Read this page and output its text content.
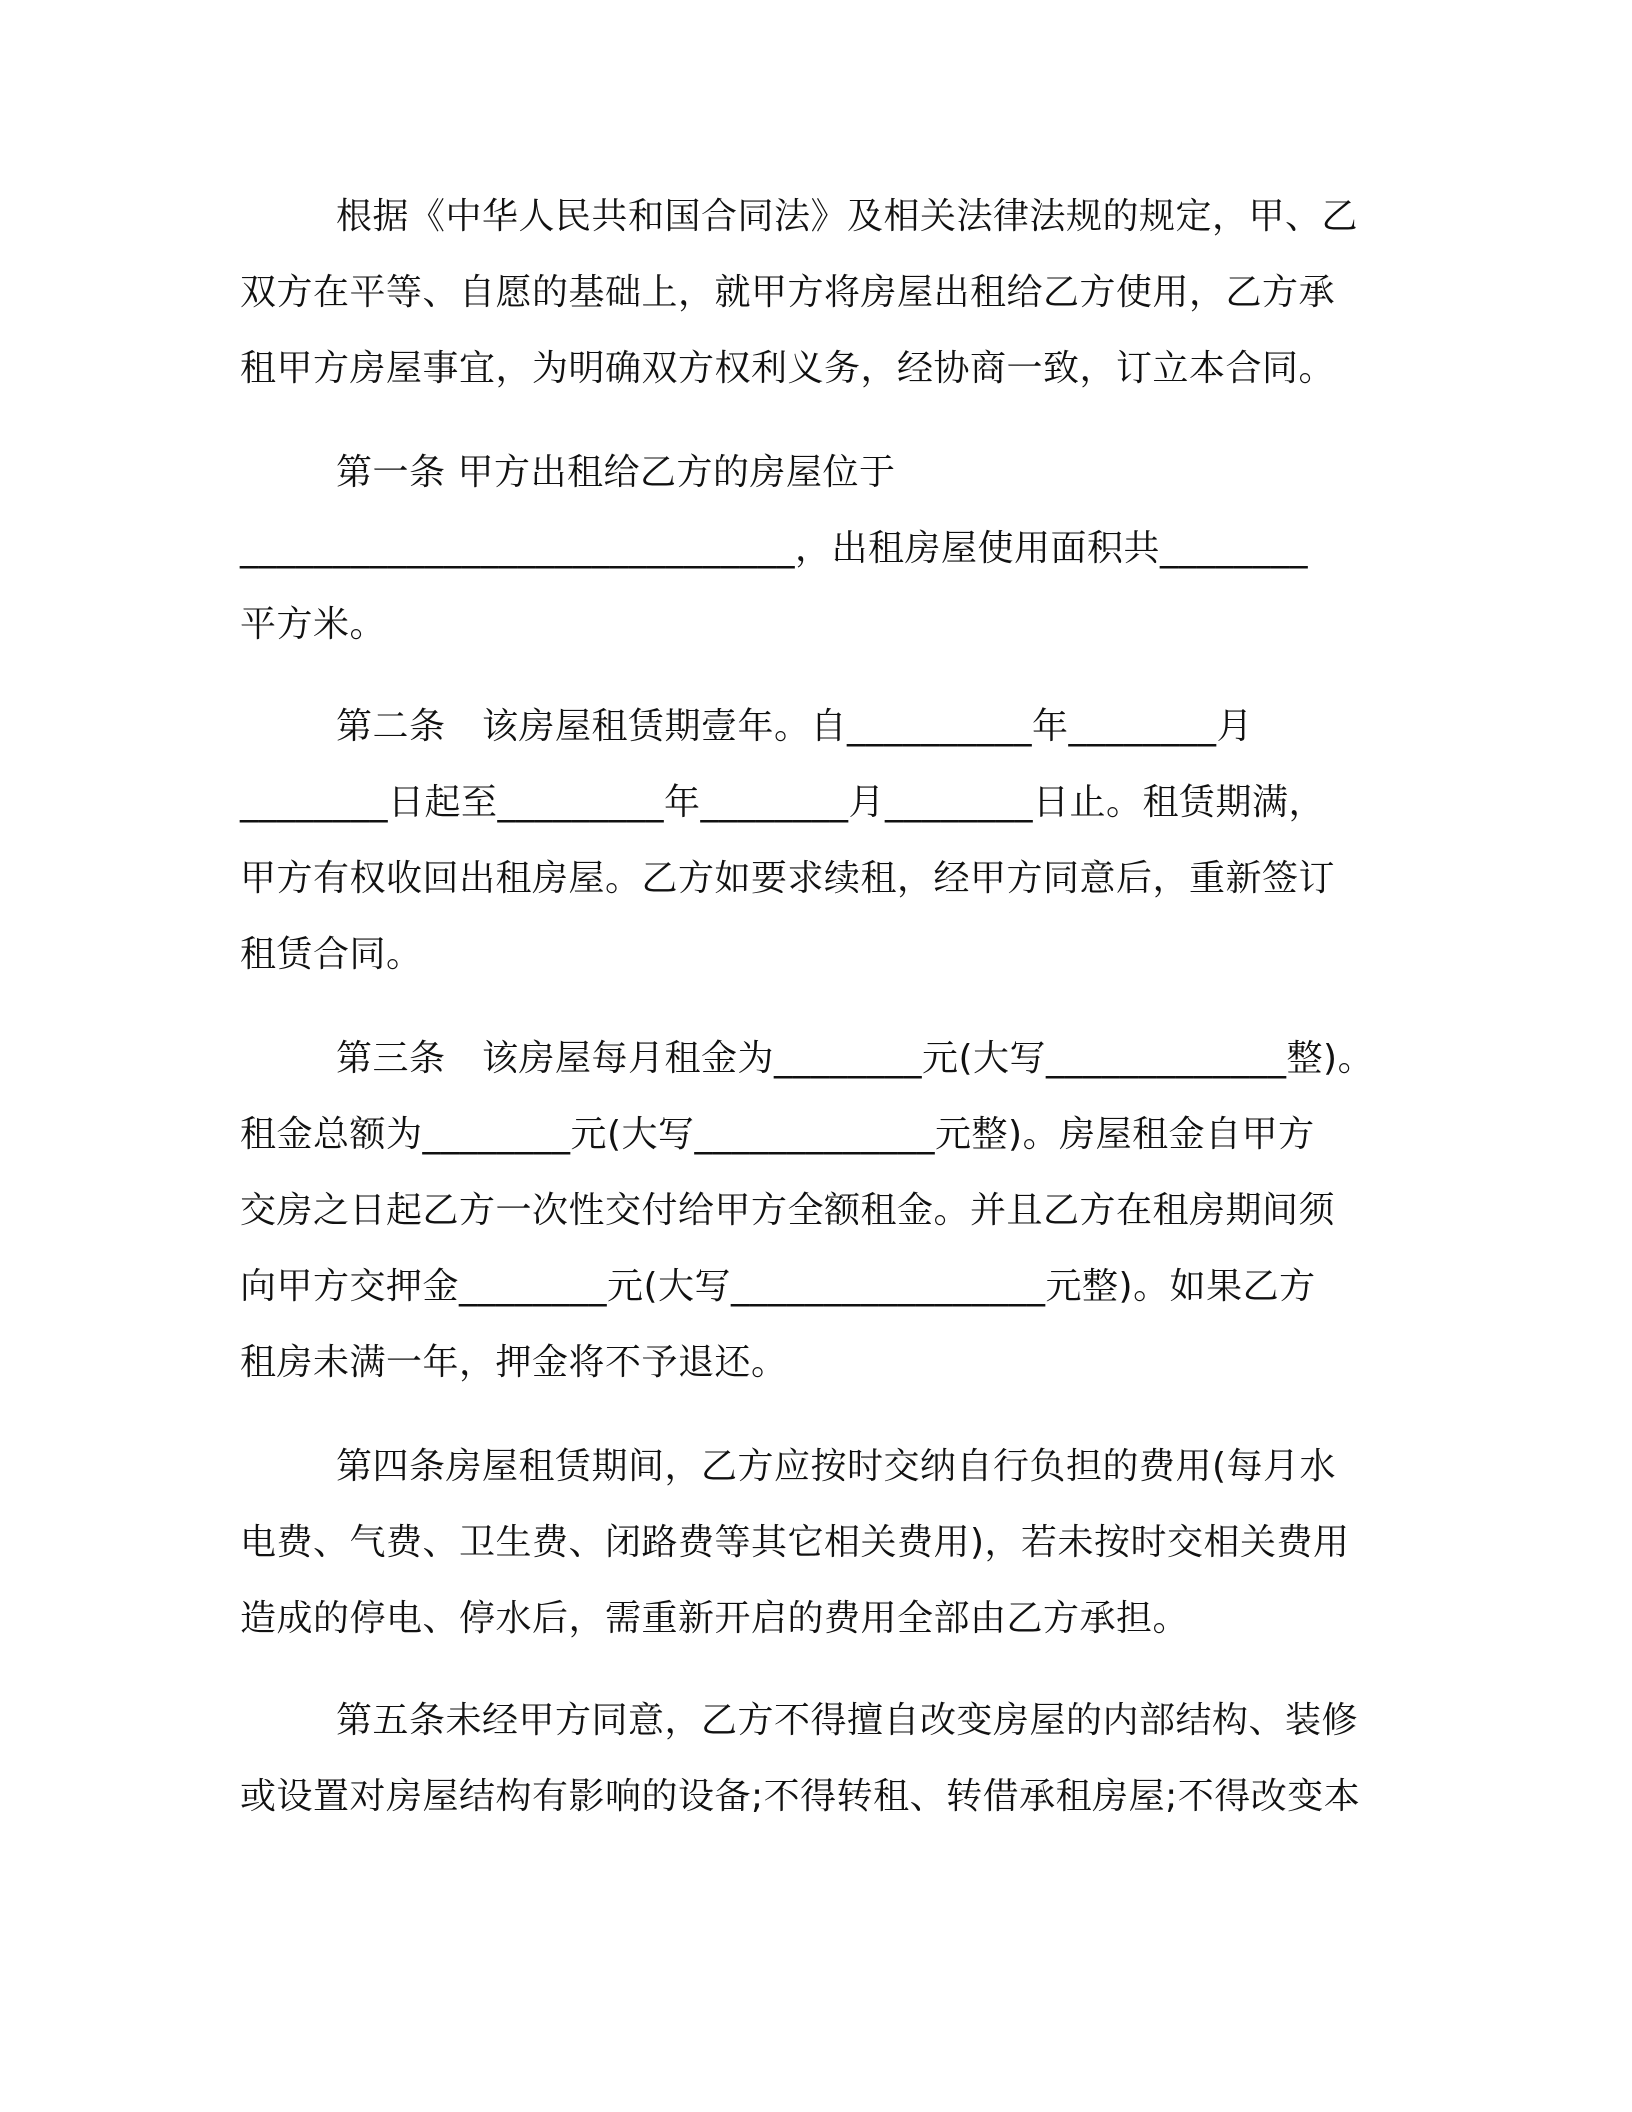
根据《中华人民共和国合同法》及相关法律法规的规定，甲、乙
双方在平等、自愿的基础上，就甲方将房屋出租给乙方使用，乙方承
租甲方房屋事宜，为明确双方权利义务，经协商一致，订立本合同。
第一条 甲方出租给乙方的房屋位于
______________________________，出租房屋使用面积共________
平方米。
第二条　该房屋租赁期壹年。自__________年________月
________日起至_________年________月________日止。租赁期满，
甲方有权收回出租房屋。乙方如要求续租，经甲方同意后，重新签订
租赁合同。
第三条　该房屋每月租金为________元(大写_____________整)。
租金总额为________元(大写_____________元整)。房屋租金自甲方
交房之日起乙方一次性交付给甲方全额租金。并且乙方在租房期间须
向甲方交押金________元(大写_________________元整)。如果乙方
租房未满一年，押金将不予退还。
第四条房屋租赁期间，乙方应按时交纳自行负担的费用(每月水
电费、气费、卫生费、闭路费等其它相关费用)，若未按时交相关费用
造成的停电、停水后，需重新开启的费用全部由乙方承担。
第五条未经甲方同意，乙方不得擅自改变房屋的内部结构、装修
或设置对房屋结构有影响的设备;不得转租、转借承租房屋;不得改变本
